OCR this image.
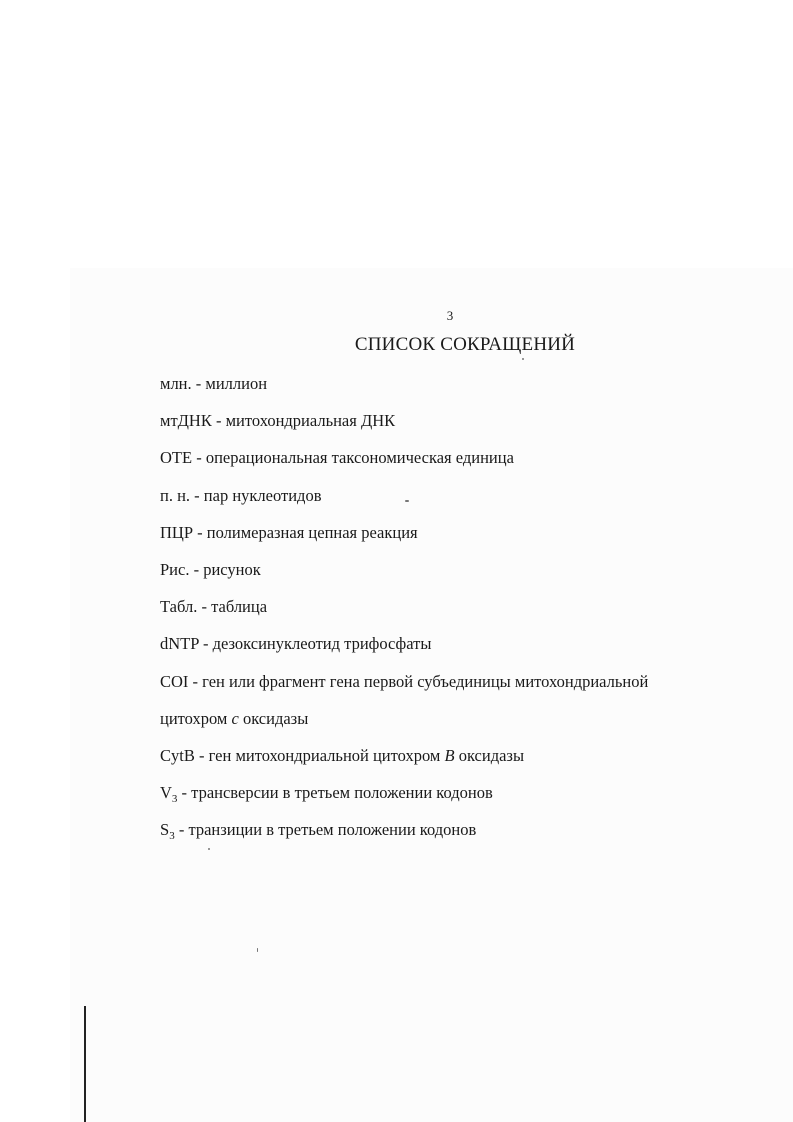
3
СПИСОК СОКРАЩЕНИЙ
млн. - миллион
мтДНК - митохондриальная ДНК
OTE - операциональная таксономическая единица
п. н. - пар нуклеотидов
ПЦР - полимеразная цепная реакция
Рис. - рисунок
Табл. - таблица
dNTP - дезоксинуклеотид трифосфаты
COI - ген или фрагмент гена первой субъединицы митохондриальной
цитохром c оксидазы
CytB - ген митохондриальной цитохром B оксидазы
$V_3$ - трансверсии в третьем положении кодонов
$S_3$ - транзиции в третьем положении кодонов
